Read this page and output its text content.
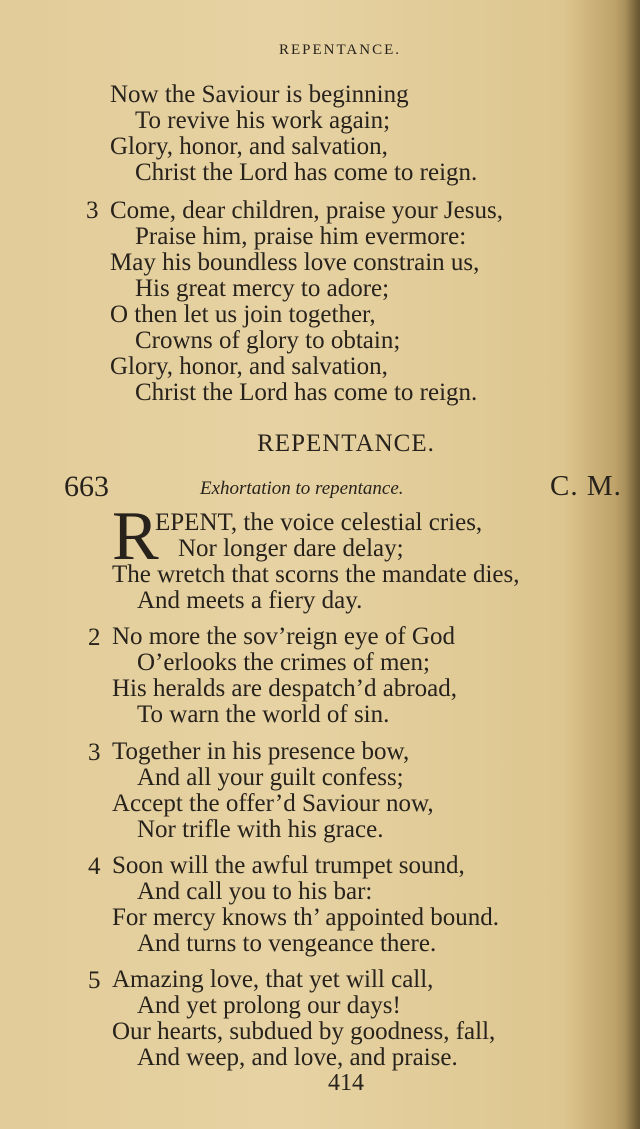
REPENTANCE.
Now the Saviour is beginning
To revive his work again;
Glory, honor, and salvation,
Christ the Lord has come to reign.
3 Come, dear children, praise your Jesus,
Praise him, praise him evermore:
May his boundless love constrain us,
His great mercy to adore;
O then let us join together,
Crowns of glory to obtain;
Glory, honor, and salvation,
Christ the Lord has come to reign.
REPENTANCE.
663	Exhortation to repentance.	C. M.
R
EPENT, the voice celestial cries,
Nor longer dare delay;
The wretch that scorns the mandate dies,
And meets a fiery day.
2 No more the sov’reign eye of God
O’erlooks the crimes of men;
His heralds are despatch’d abroad,
To warn the world of sin.
3 Together in his presence bow,
And all your guilt confess;
Accept the offer’d Saviour now,
Nor trifle with his grace.
4 Soon will the awful trumpet sound,
And call you to his bar:
For mercy knows th’ appointed bound.
And turns to vengeance there.
5 Amazing love, that yet will call,
And yet prolong our days!
Our hearts, subdued by goodness, fall,
And weep, and love, and praise.
414
